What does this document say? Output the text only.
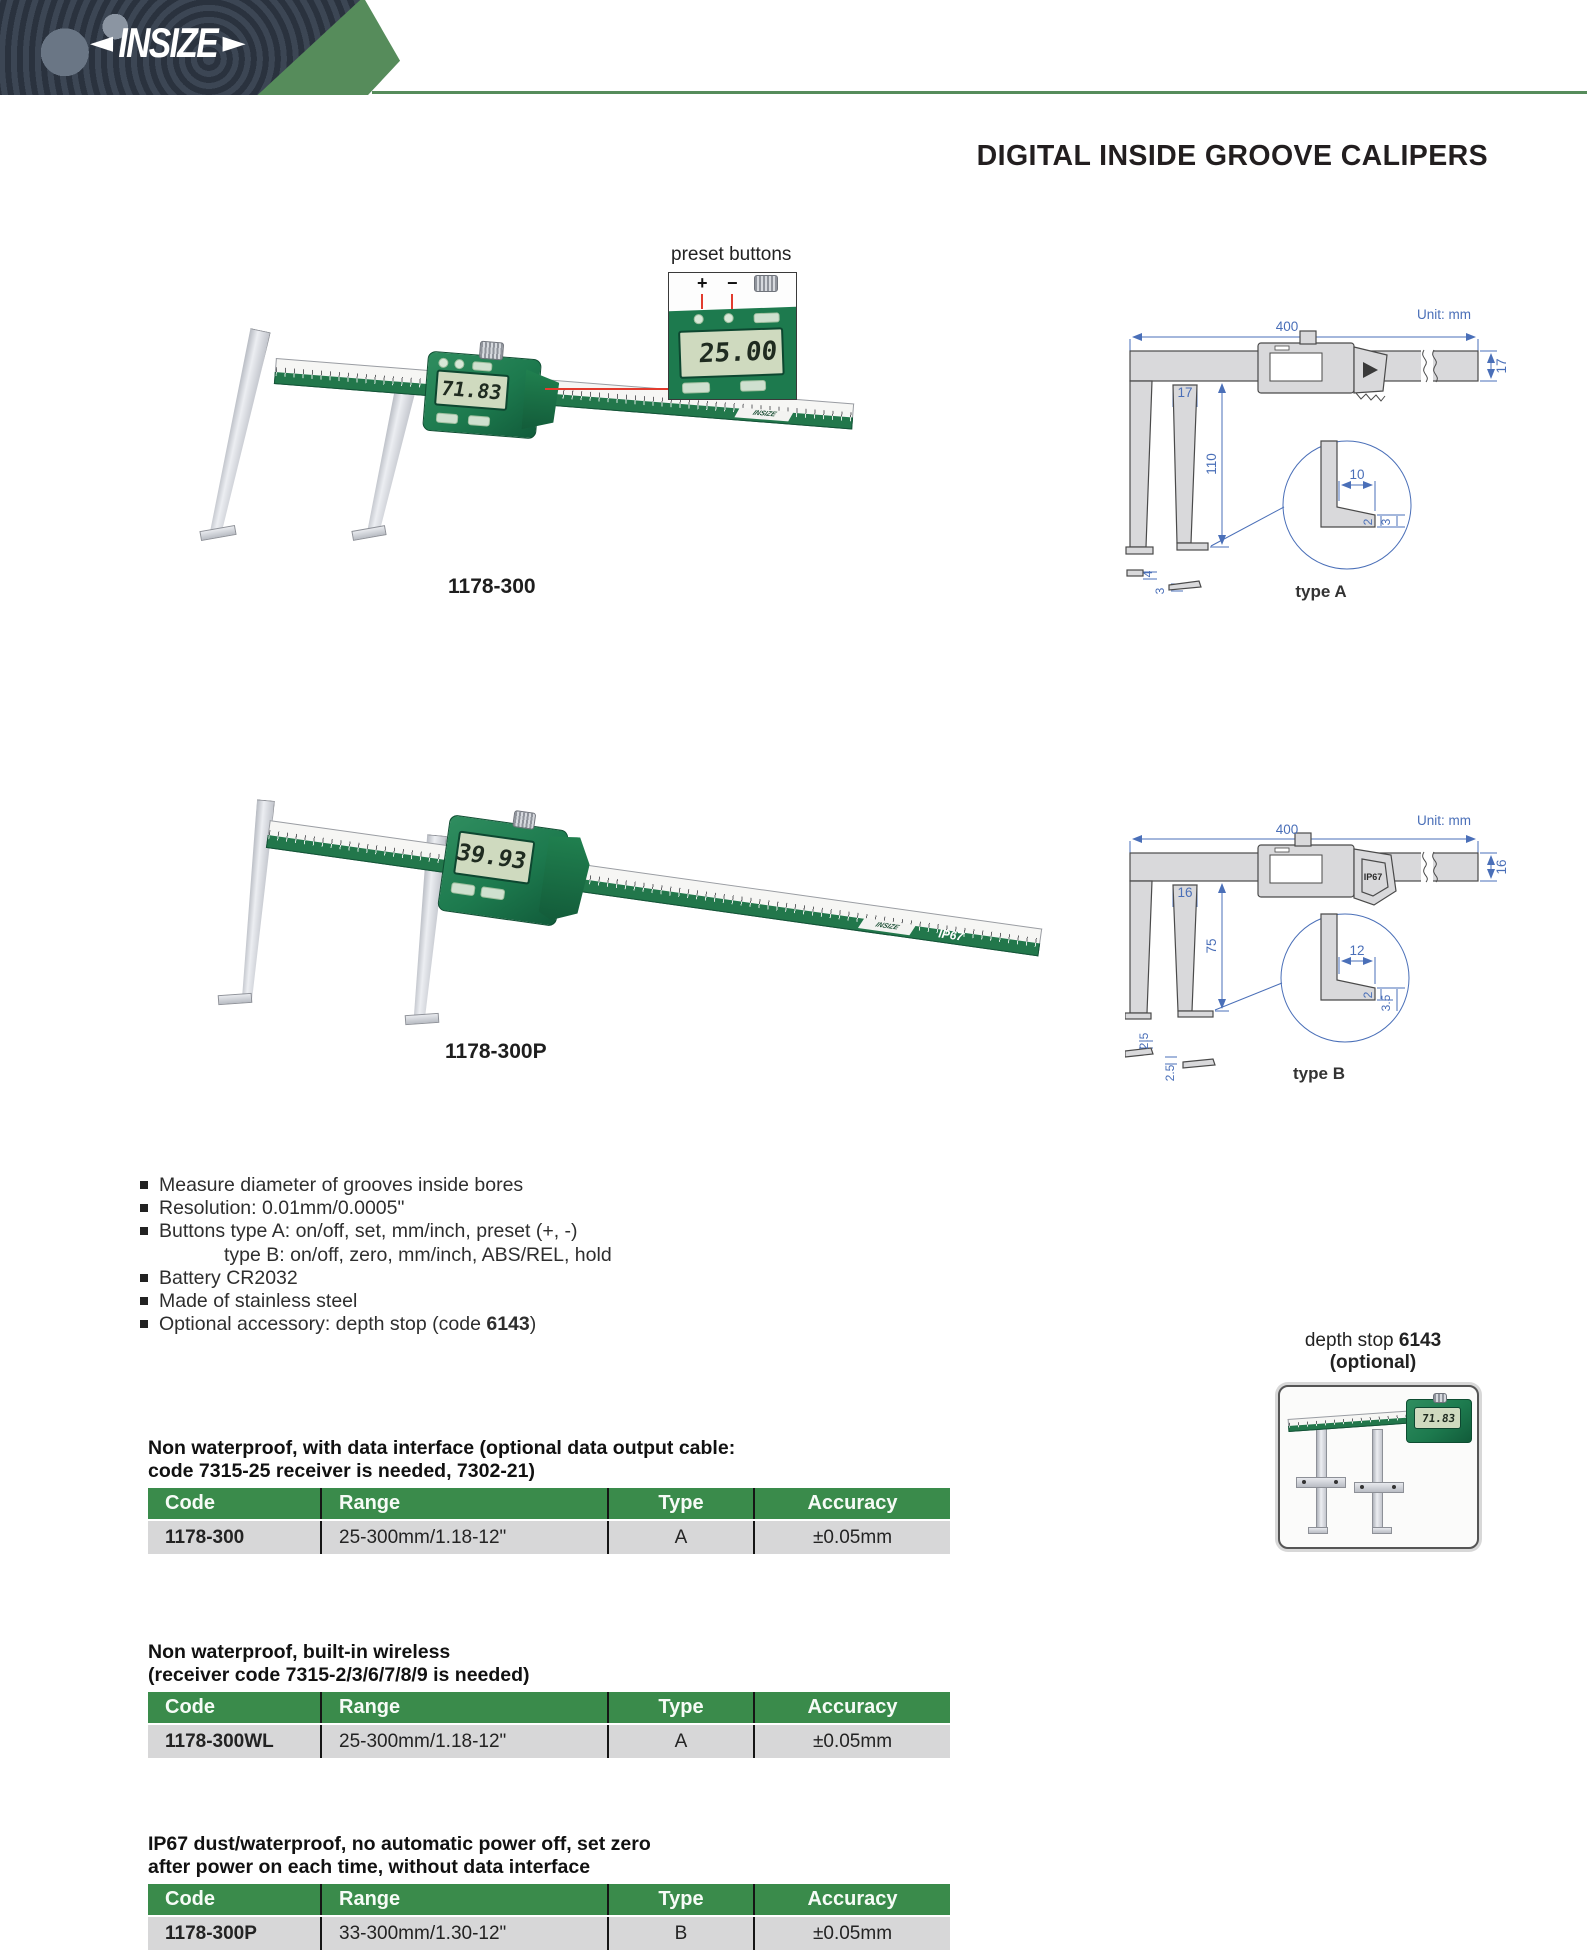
◄ INSIZE ►
DIGITAL INSIDE GROOVE CALIPERS
INSIZE
71.83
1178-300
preset buttons
+ −
25.00
Unit: mm
400
17
17
110	10
2 3
4
3	type A
INSIZE	IP67
39.93
1178-300P
IP67
Unit: mm
400
16
16
75	12
2 3.5
2.5
2.5	type B
Measure diameter of grooves inside bores
Resolution: 0.01mm/0.0005"
Buttons type A: on/off, set, mm/inch, preset (+, -)
type B: on/off, zero, mm/inch, ABS/REL, hold
Battery CR2032
Made of stainless steel
Optional accessory: depth stop (code 6143)
depth stop 6143
(optional)
71.83
Non waterproof, with data interface (optional data output cable:
code 7315-25 receiver is needed, 7302-21)
Code	Range	Type	Accuracy
1178-300	25-300mm/1.18-12"	A	±0.05mm
Non waterproof, built-in wireless
(receiver code 7315-2/3/6/7/8/9 is needed)
Code	Range	Type	Accuracy
1178-300WL	25-300mm/1.18-12"	A	±0.05mm
IP67 dust/waterproof, no automatic power off, set zero
after power on each time, without data interface
Code	Range	Type	Accuracy
1178-300P	33-300mm/1.30-12"	B	±0.05mm
